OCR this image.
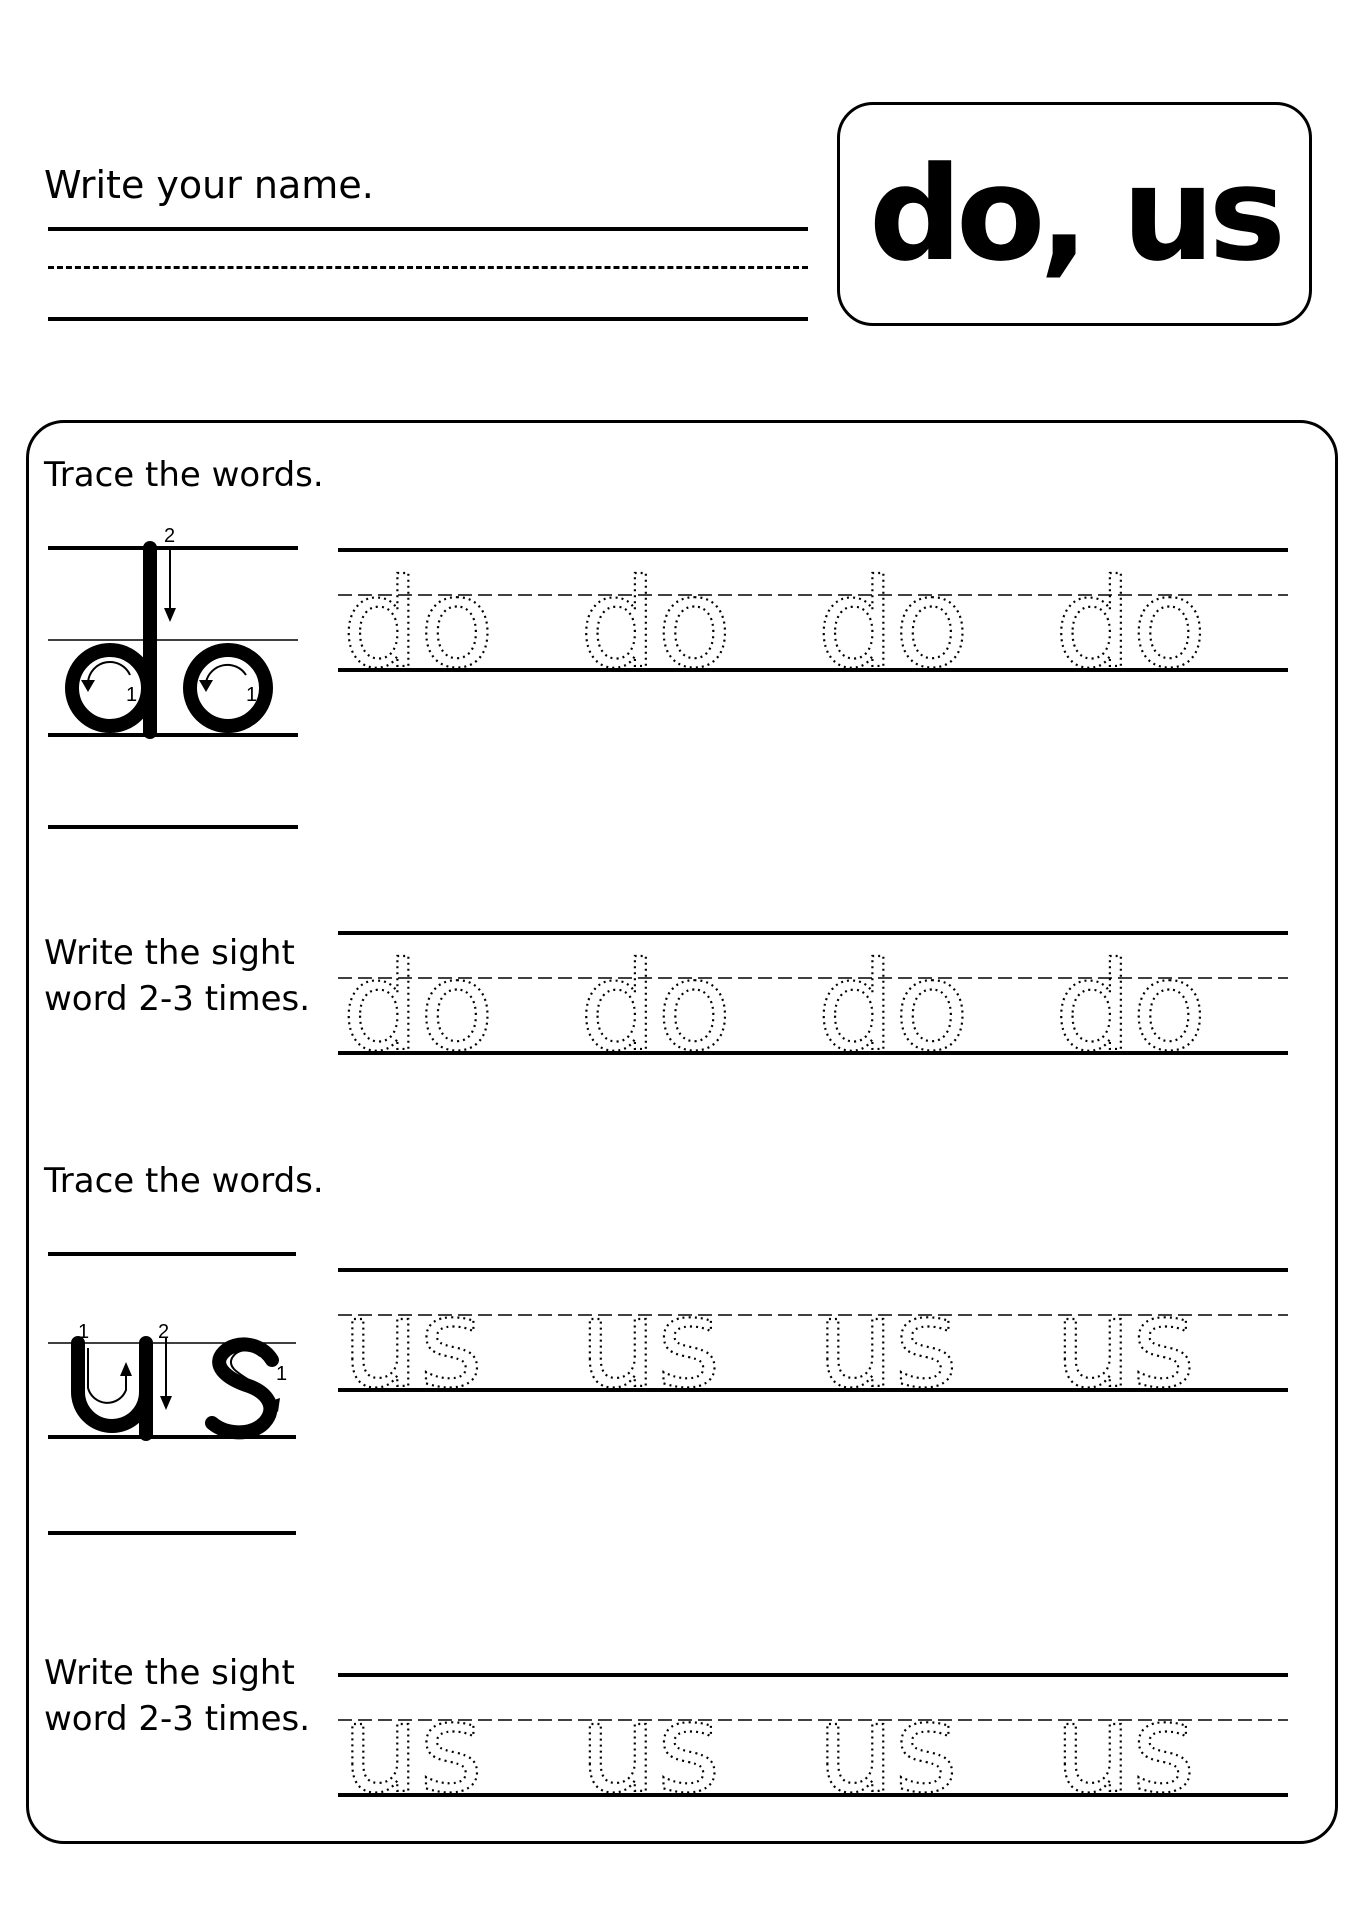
Write your name.	do, us
Trace the words.
2
1	1 do do do do
Write the sight
word 2-3 times. do do do do
Trace the words.
1	2
1 us us us us
Write the sight
word 2-3 times. us us us us
